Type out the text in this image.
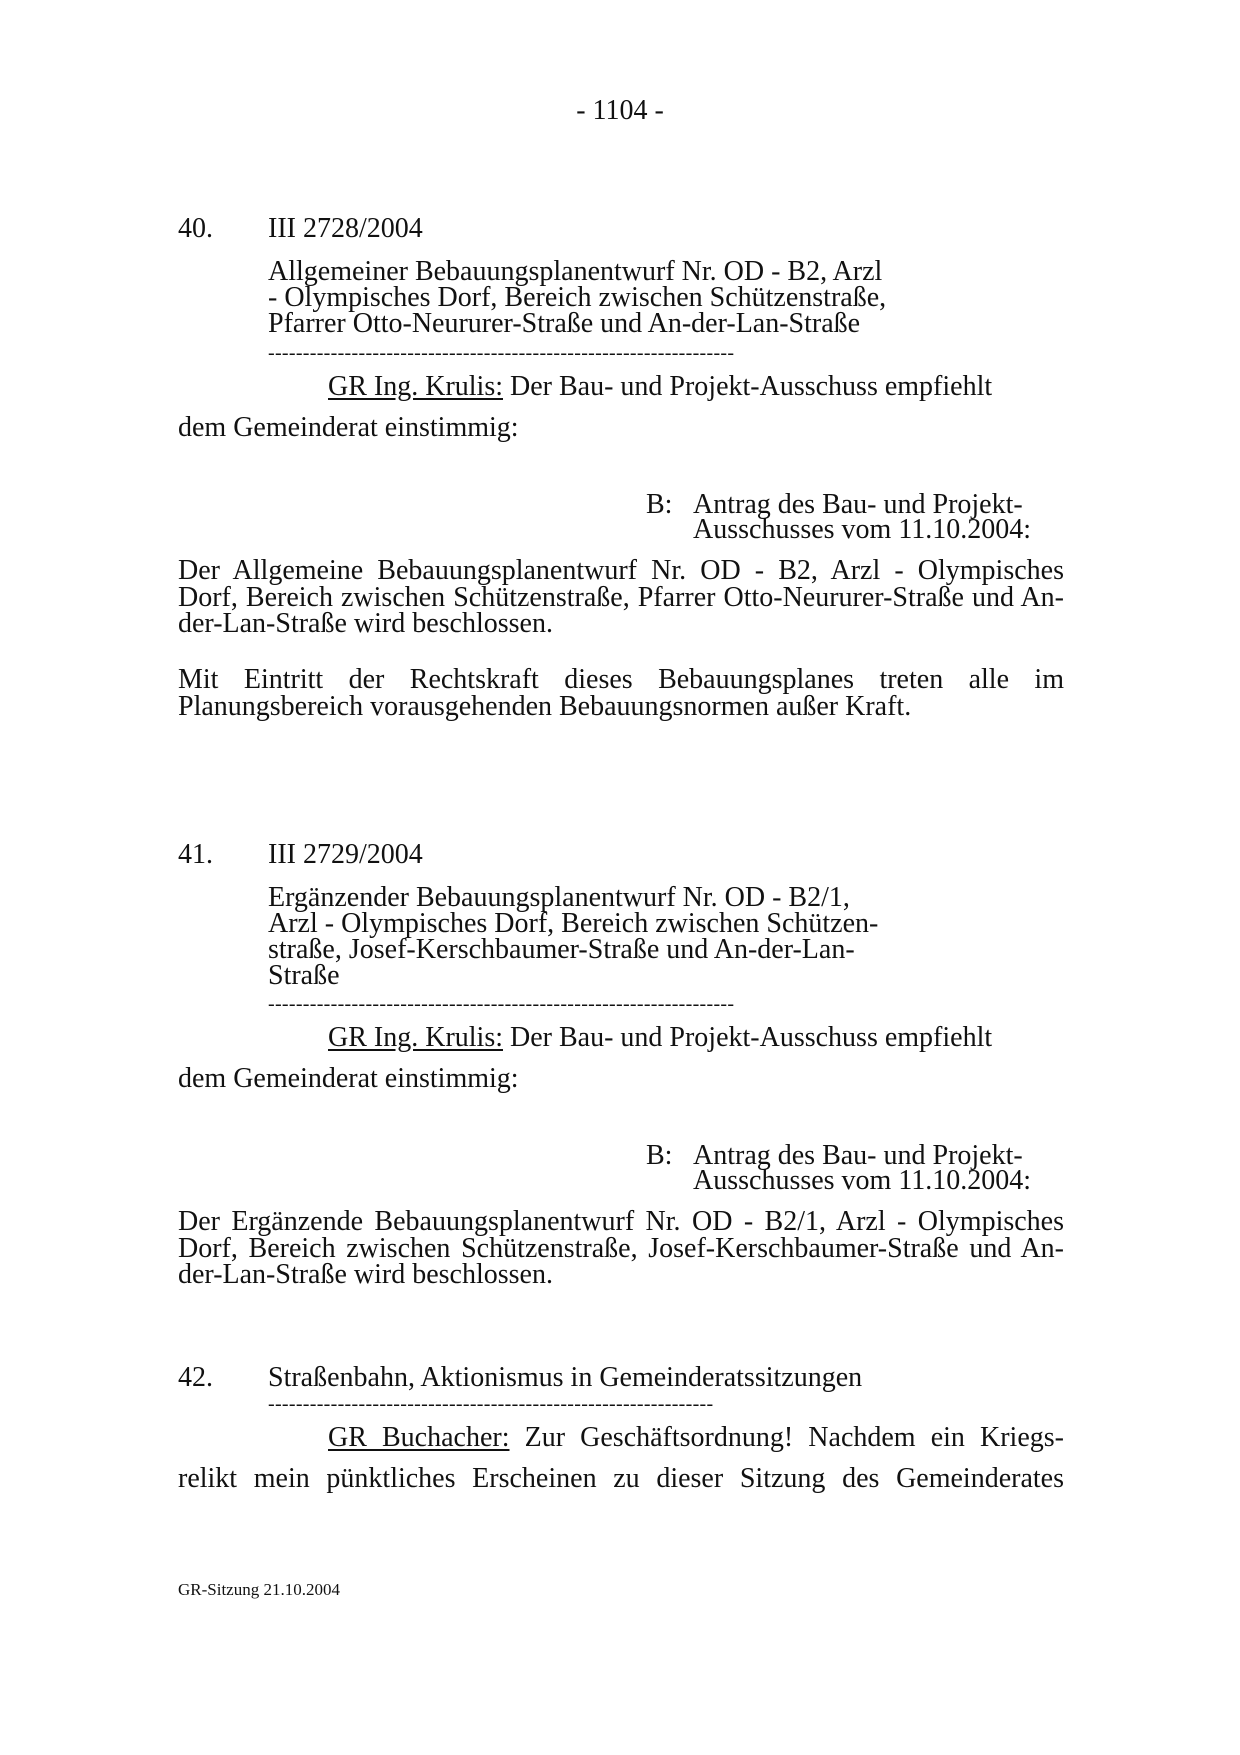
- 1104 -
40. III 2728/2004
Allgemeiner Bebauungsplanentwurf Nr. OD - B2, Arzl
- Olympisches Dorf, Bereich zwischen Schützenstraße,
Pfarrer Otto-Neururer-Straße und An-der-Lan-Straße
-------------------------------------------------------------------
GR Ing. Krulis: Der Bau- und Projekt-Ausschuss empfiehlt
dem Gemeinderat einstimmig:
B: Antrag des Bau- und Projekt-
Ausschusses vom 11.10.2004:

Der Allgemeine Bebauungsplanentwurf Nr. OD - B2, Arzl - Olympisches Dorf, Bereich zwischen Schützenstraße, Pfarrer Otto-Neururer-Straße und An-der-Lan-Straße wird beschlossen.

Mit Eintritt der Rechtskraft dieses Bebauungsplanes treten alle im Planungsbereich vorausgehenden Bebauungsnormen außer Kraft.

41. III 2729/2004
Ergänzender Bebauungsplanentwurf Nr. OD - B2/1,
Arzl - Olympisches Dorf, Bereich zwischen Schützen-
straße, Josef-Kerschbaumer-Straße und An-der-Lan-
Straße
-------------------------------------------------------------------
GR Ing. Krulis: Der Bau- und Projekt-Ausschuss empfiehlt
dem Gemeinderat einstimmig:
B: Antrag des Bau- und Projekt-
Ausschusses vom 11.10.2004:

Der Ergänzende Bebauungsplanentwurf Nr. OD - B2/1, Arzl - Olympisches Dorf, Bereich zwischen Schützenstraße, Josef-Kerschbaumer-Straße und An-der-Lan-Straße wird beschlossen.

42. Straßenbahn, Aktionismus in Gemeinderatssitzungen
----------------------------------------------------------------
GR Buchacher: Zur Geschäftsordnung! Nachdem ein Kriegs-
relikt mein pünktliches Erscheinen zu dieser Sitzung des Gemeinderates
GR-Sitzung 21.10.2004
